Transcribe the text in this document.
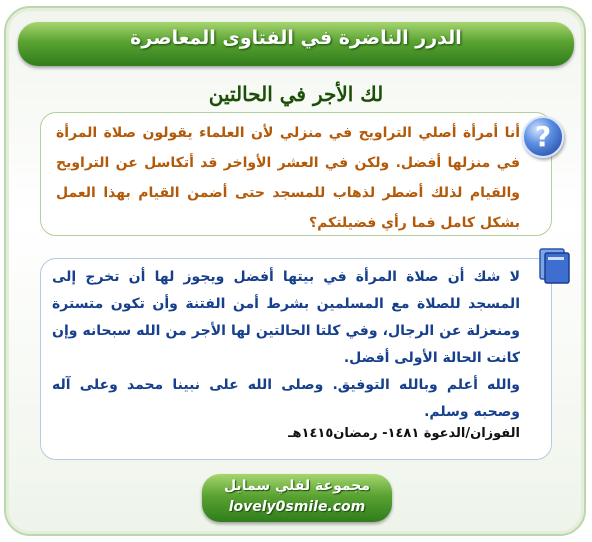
الدرر الناضرة في الفتاوى المعاصرة
لك الأجر في الحالتين
?
أنا أمرأة أصلي التراويح في منزلي لأن العلماء يقولون صلاة المرأة في منزلها أفضل. ولكن في العشر الأواخر قد أتكاسل عن التراويح والقيام لذلك أضطر لذهاب للمسجد حتى أضمن القيام بهذا العمل بشكل كامل فما رأي فضيلتكم؟
لا شك أن صلاة المرأة في بيتها أفضل ويجوز لها أن تخرج إلى المسجد للصلاة مع المسلمين بشرط أمن الفتنة وأن تكون متسترة ومنعزلة عن الرجال، وفي كلتا الحالتين لها الأجر من الله سبحانه وإن كانت الحالة الأولى أفضل.
والله أعلم وبالله التوفيق. وصلى الله على نبينا محمد وعلى آله وصحبه وسلم.
الفوزان/الدعوة ١٤٨١- رمضان١٤١٥هـ
مجموعة لفلي سمايل
lovely0smile.com
